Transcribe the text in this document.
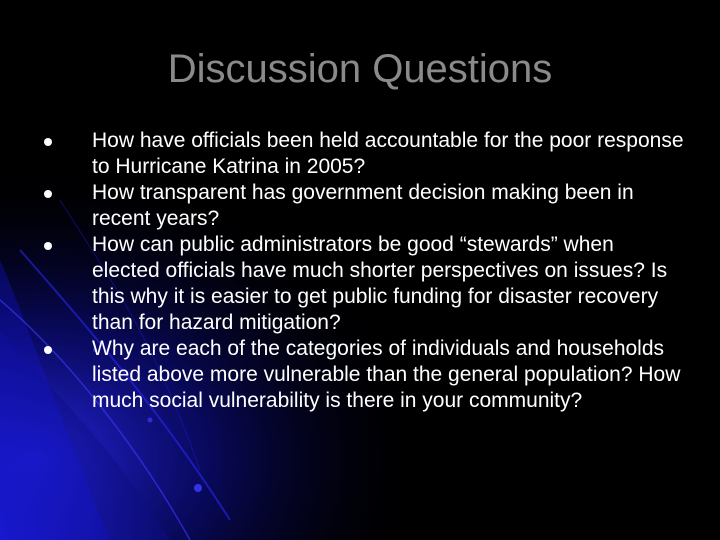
Discussion Questions
How have officials been held accountable for the poor response to Hurricane Katrina in 2005?
How transparent has government decision making been in recent years?
How can public administrators be good “stewards” when elected officials have much shorter perspectives on issues? Is this why it is easier to get public funding for disaster recovery than for hazard mitigation?
Why are each of the categories of individuals and households listed above more vulnerable than the general population? How much social vulnerability is there in your community?
